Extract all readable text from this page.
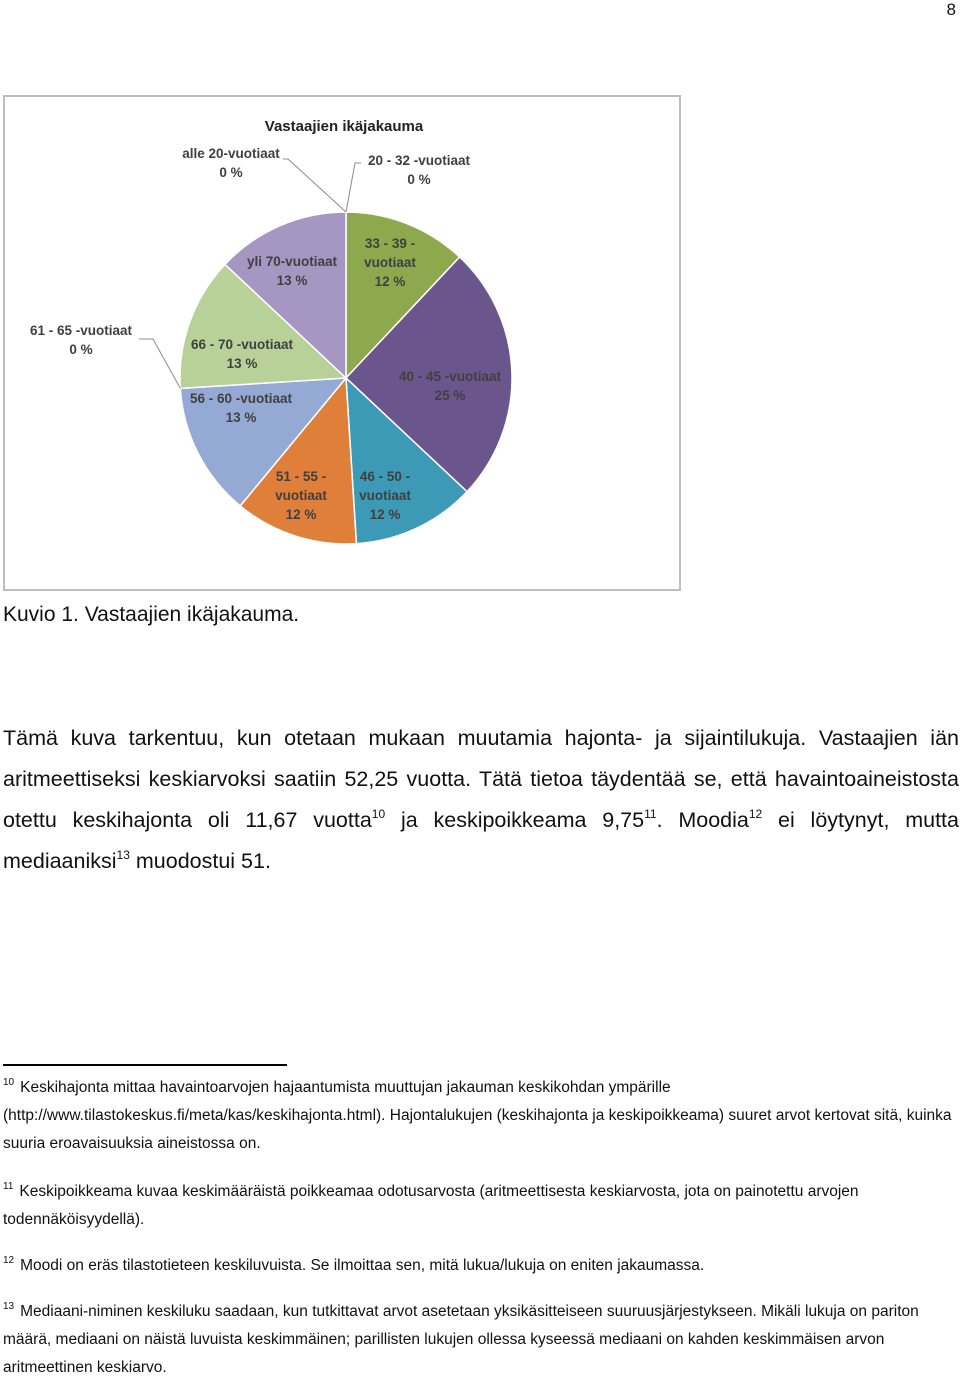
8
Vastaajien ikäjakauma
20 - 32 -vuotiaat 0 %
33 - 39 -vuotiaat 12 %
40 - 45 -vuotiaat 25 %
46 - 50 -vuotiaat 12 %
51 - 55 -vuotiaat 12 %
56 - 60 -vuotiaat 13 %
61 - 65 -vuotiaat 0 %	66 - 70 -vuotiaat 13 %
yli 70-vuotiaat 13 %
alle 20-vuotiaat 0 %
Kuvio 1. Vastaajien ikäjakauma.
Tämä kuva tarkentuu, kun otetaan mukaan muutamia hajonta- ja sijaintilukuja. Vastaajien iän aritmeettiseksi keskiarvoksi saatiin 52,25 vuotta. Tätä tietoa täydentää se, että havaintoaineistosta otettu keskihajonta oli 11,67 vuotta$^{10}$ ja keskipoikkeama 9,75$^{11}$. Moodia$^{12}$ ei löytynyt, mutta mediaaniksi$^{13}$ muodostui 51.

$^{10}$ Keskihajonta mittaa havaintoarvojen hajaantumista muuttujan jakauman keskikohdan ympärille (http://www.tilastokeskus.fi/meta/kas/keskihajonta.html). Hajontalukujen (keskihajonta ja keskipoikkeama) suuret arvot kertovat sitä, kuinka suuria eroavaisuuksia aineistossa on.

$^{11}$ Keskipoikkeama kuvaa keskimääräistä poikkeamaa odotusarvosta (aritmeettisesta keskiarvosta, jota on painotettu arvojen todennäköisyydellä).

$^{12}$ Moodi on eräs tilastotieteen keskiluvuista. Se ilmoittaa sen, mitä lukua/lukuja on eniten jakaumassa.

$^{13}$ Mediaani-niminen keskiluku saadaan, kun tutkittavat arvot asetetaan yksikäsitteiseen suuruusjärjestykseen. Mikäli lukuja on pariton määrä, mediaani on näistä luvuista keskimmäinen; parillisten lukujen ollessa kyseessä mediaani on kahden keskimmäisen arvon aritmeettinen keskiarvo.
